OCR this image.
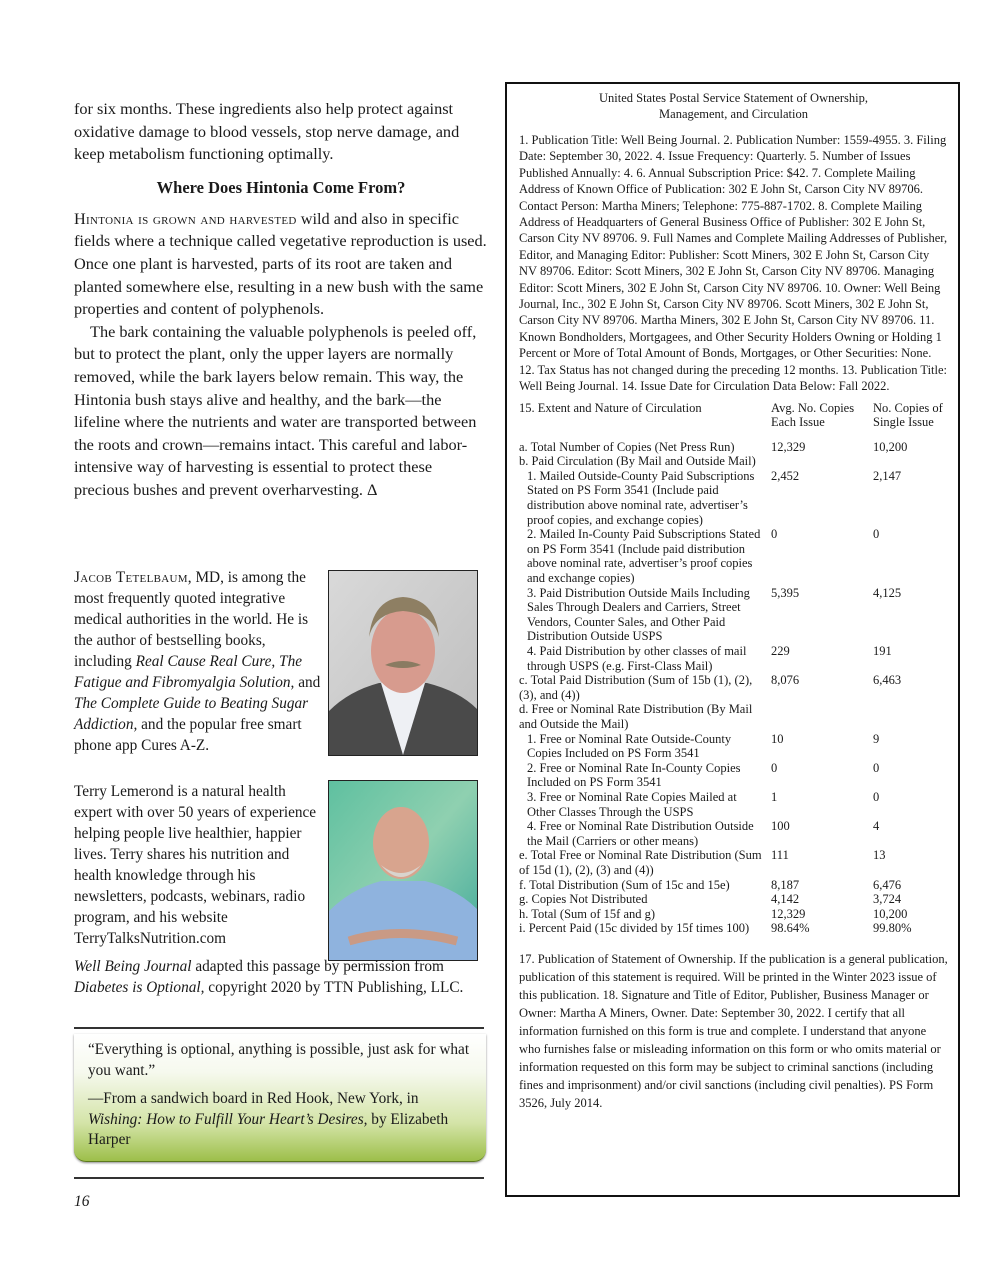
for six months. These ingredients also help protect against oxidative damage to blood vessels, stop nerve damage, and keep metabolism functioning optimally.

Where Does Hintonia Come From?

Hintonia is grown and harvested wild and also in specific fields where a technique called vegetative reproduction is used. Once one plant is harvested, parts of its root are taken and planted somewhere else, resulting in a new bush with the same properties and content of polyphenols.

The bark containing the valuable polyphenols is peeled off, but to protect the plant, only the upper layers are normally removed, while the bark layers below remain. This way, the Hintonia bush stays alive and healthy, and the bark—the lifeline where the nutrients and water are transported between the roots and crown—remains intact. This careful and labor-intensive way of harvesting is essential to protect these precious bushes and prevent overharvesting. Δ

Jacob Tetelbaum, MD, is among the most frequently quoted integrative medical authorities in the world. He is the author of bestselling books, including Real Cause Real Cure, The Fatigue and Fibromyalgia Solution, and The Complete Guide to Beating Sugar Addiction, and the popular free smart phone app Cures A-Z.

Terry Lemerond is a natural health expert with over 50 years of experience helping people live healthier, happier lives. Terry shares his nutrition and health knowledge through his newsletters, podcasts, webinars, radio program, and his website TerryTalksNutrition.com

Well Being Journal adapted this passage by permission from Diabetes is Optional, copyright 2020 by TTN Publishing, LLC.

“Everything is optional, anything is possible, just ask for what you want.”

—From a sandwich board in Red Hook, New York, in Wishing: How to Fulfill Your Heart’s Desires, by Elizabeth Harper

16

United States Postal Service Statement of Ownership,
Management, and Circulation

1. Publication Title: Well Being Journal. 2. Publication Number: 1559-4955. 3. Filing Date: September 30, 2022. 4. Issue Frequency: Quarterly. 5. Number of Issues Published Annually: 4. 6. Annual Subscription Price: $42. 7. Complete Mailing Address of Known Office of Publication: 302 E John St, Carson City NV 89706. Contact Person: Martha Miners; Telephone: 775-887-1702. 8. Complete Mailing Address of Headquarters of General Business Office of Publisher: 302 E John St, Carson City NV 89706. 9. Full Names and Complete Mailing Addresses of Publisher, Editor, and Managing Editor: Publisher: Scott Miners, 302 E John St, Carson City NV 89706. Editor: Scott Miners, 302 E John St, Carson City NV 89706. Managing Editor: Scott Miners, 302 E John St, Carson City NV 89706. 10. Owner: Well Being Journal, Inc., 302 E John St, Carson City NV 89706. Scott Miners, 302 E John St, Carson City NV 89706. Martha Miners, 302 E John St, Carson City NV 89706. 11. Known Bondholders, Mortgagees, and Other Security Holders Owning or Holding 1 Percent or More of Total Amount of Bonds, Mortgages, or Other Securities: None. 12. Tax Status has not changed during the preceding 12 months. 13. Publication Title: Well Being Journal. 14. Issue Date for Circulation Data Below: Fall 2022.

15. Extent and Nature of Circulation	Avg. No. Copies Each Issue	No. Copies of Single Issue
a. Total Number of Copies (Net Press Run)	12,329	10,200
b. Paid Circulation (By Mail and Outside Mail)		
1. Mailed Outside-County Paid Subscriptions Stated on PS Form 3541 (Include paid distribution above nominal rate, advertiser’s proof copies, and exchange copies)	2,452	2,147
2. Mailed In-County Paid Subscriptions Stated on PS Form 3541 (Include paid distribution above nominal rate, advertiser’s proof copies and exchange copies)	0	0
3. Paid Distribution Outside Mails Including Sales Through Dealers and Carriers, Street Vendors, Counter Sales, and Other Paid Distribution Outside USPS	5,395	4,125
4. Paid Distribution by other classes of mail through USPS (e.g. First-Class Mail)	229	191
c. Total Paid Distribution (Sum of 15b (1), (2), (3), and (4))	8,076	6,463
d. Free or Nominal Rate Distribution (By Mail and Outside the Mail)		
1. Free or Nominal Rate Outside-County Copies Included on PS Form 3541	10	9
2. Free or Nominal Rate In-County Copies Included on PS Form 3541	0	0
3. Free or Nominal Rate Copies Mailed at Other Classes Through the USPS	1	0
4. Free or Nominal Rate Distribution Outside the Mail (Carriers or other means)	100	4
e. Total Free or Nominal Rate Distribution (Sum of 15d (1), (2), (3) and (4))	111	13
f. Total Distribution (Sum of 15c and 15e)	8,187	6,476
g. Copies Not Distributed	4,142	3,724
h. Total (Sum of 15f and g)	12,329	10,200
i. Percent Paid (15c divided by 15f times 100)	98.64%	99.80%

17. Publication of Statement of Ownership. If the publication is a general publication, publication of this statement is required. Will be printed in the Winter 2023 issue of this publication. 18. Signature and Title of Editor, Publisher, Business Manager or Owner: Martha A Miners, Owner. Date: September 30, 2022. I certify that all information furnished on this form is true and complete. I understand that anyone who furnishes false or misleading information on this form or who omits material or information requested on this form may be subject to criminal sanctions (including fines and imprisonment) and/or civil sanctions (including civil penalties). PS Form 3526, July 2014.
